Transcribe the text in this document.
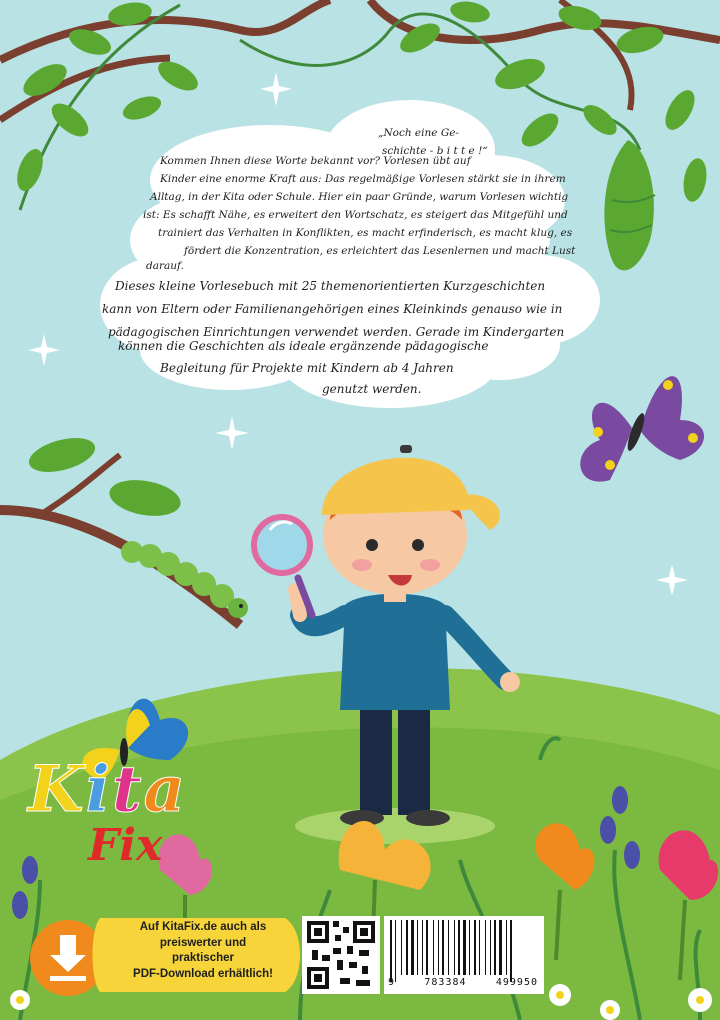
„Noch eine Ge-
schichte - b i t t e !“
Kommen Ihnen diese Worte bekannt vor? Vorlesen übt auf
Kinder eine enorme Kraft aus: Das regelmäßige Vorlesen stärkt sie in ihrem
Alltag, in der Kita oder Schule. Hier ein paar Gründe, warum Vorlesen wichtig
ist: Es schafft Nähe, es erweitert den Wortschatz, es steigert das Mitgefühl und
trainiert das Verhalten in Konflikten, es macht erfinderisch, es macht klug, es
fördert die Konzentration, es erleichtert das Lesenlernen und macht Lust
darauf.
Dieses kleine Vorlesebuch mit 25 themenorientierten Kurzgeschichten
kann von Eltern oder Familienangehörigen eines Kleinkinds genauso wie in
pädagogischen Einrichtungen verwendet werden. Gerade im Kindergarten
können die Geschichten als ideale ergänzende pädagogische
Begleitung für Projekte mit Kindern ab 4 Jahren
genutzt werden.
Kita
Fix
Auf KitaFix.de auch als
preiswerter und
praktischer
PDF-Download erhältlich!
9	783384	499950
